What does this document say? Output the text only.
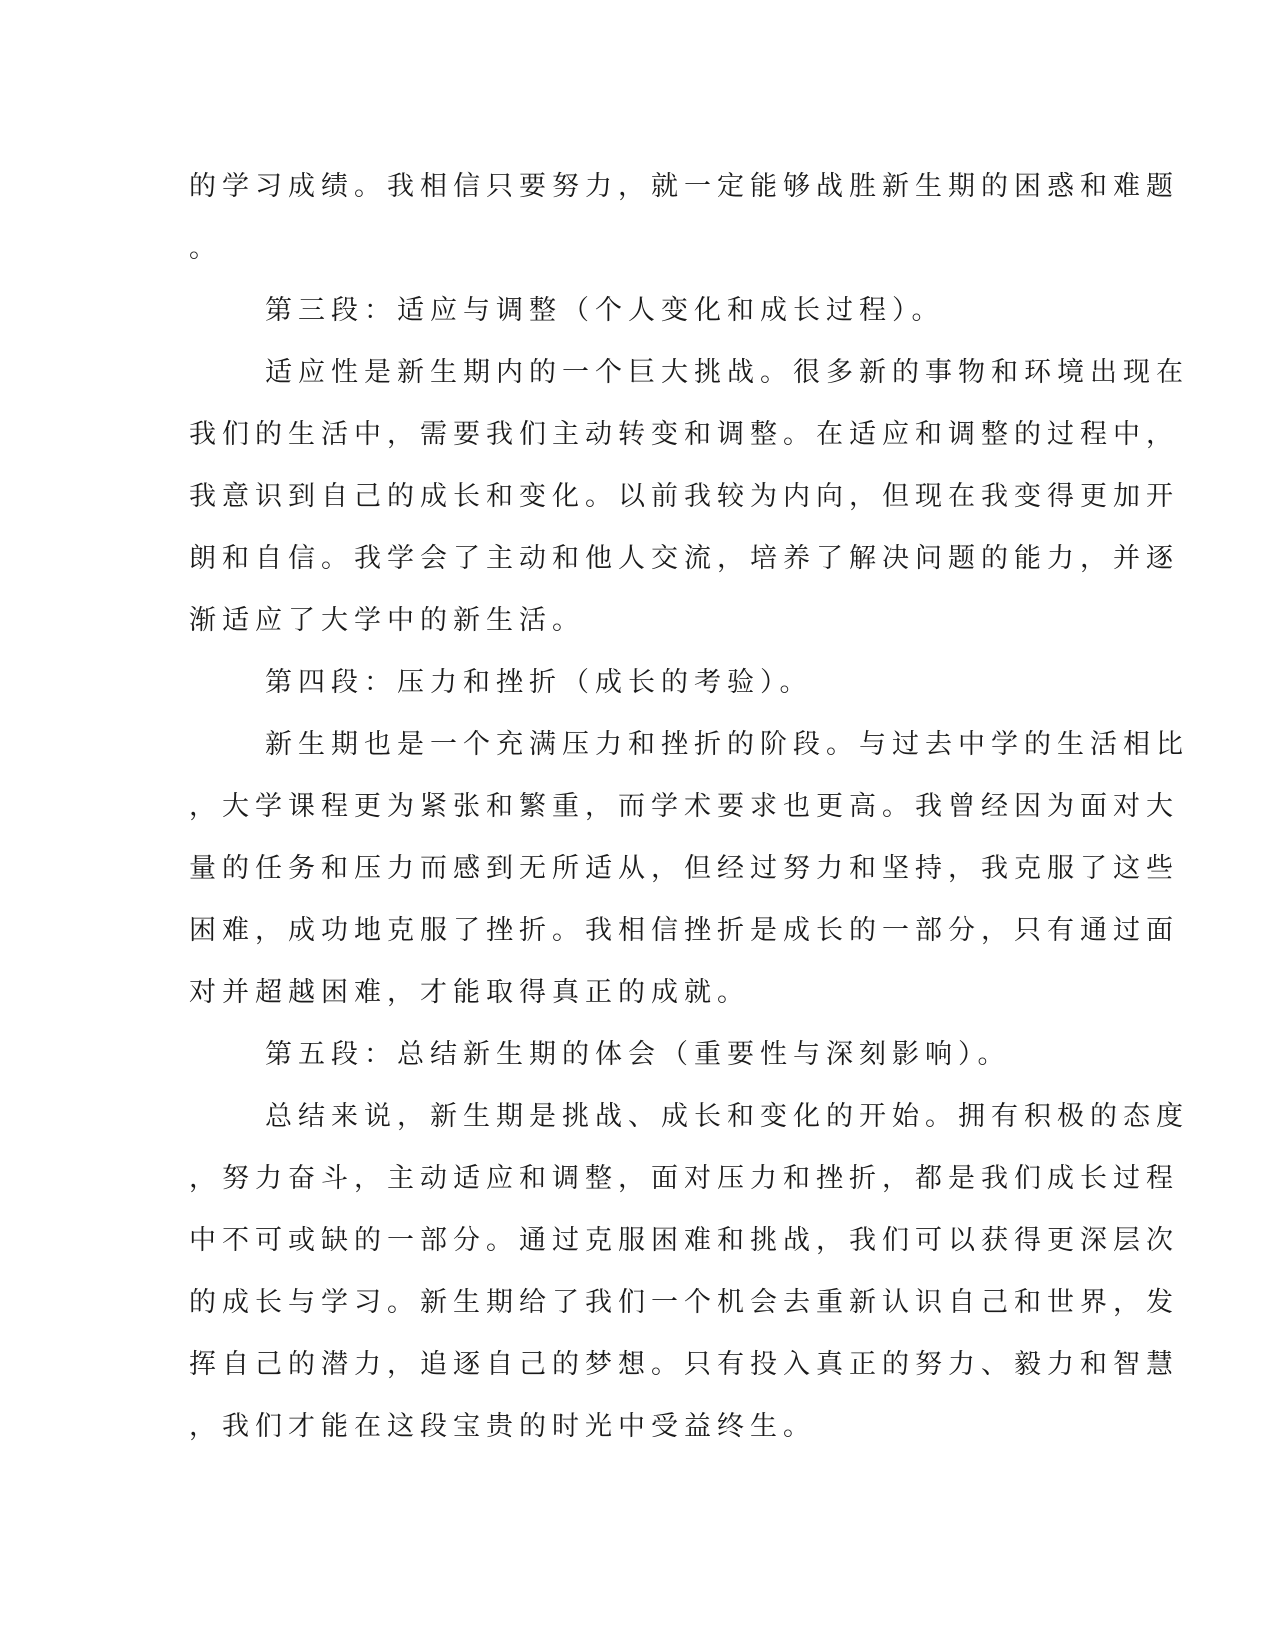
的学习成绩。我相信只要努力，就一定能够战胜新生期的困惑和难题
。
第三段：适应与调整（个人变化和成长过程）。
适应性是新生期内的一个巨大挑战。很多新的事物和环境出现在
我们的生活中，需要我们主动转变和调整。在适应和调整的过程中，
我意识到自己的成长和变化。以前我较为内向，但现在我变得更加开
朗和自信。我学会了主动和他人交流，培养了解决问题的能力，并逐
渐适应了大学中的新生活。
第四段：压力和挫折（成长的考验）。
新生期也是一个充满压力和挫折的阶段。与过去中学的生活相比
，大学课程更为紧张和繁重，而学术要求也更高。我曾经因为面对大
量的任务和压力而感到无所适从，但经过努力和坚持，我克服了这些
困难，成功地克服了挫折。我相信挫折是成长的一部分，只有通过面
对并超越困难，才能取得真正的成就。
第五段：总结新生期的体会（重要性与深刻影响）。
总结来说，新生期是挑战、成长和变化的开始。拥有积极的态度
，努力奋斗，主动适应和调整，面对压力和挫折，都是我们成长过程
中不可或缺的一部分。通过克服困难和挑战，我们可以获得更深层次
的成长与学习。新生期给了我们一个机会去重新认识自己和世界，发
挥自己的潜力，追逐自己的梦想。只有投入真正的努力、毅力和智慧
，我们才能在这段宝贵的时光中受益终生。
